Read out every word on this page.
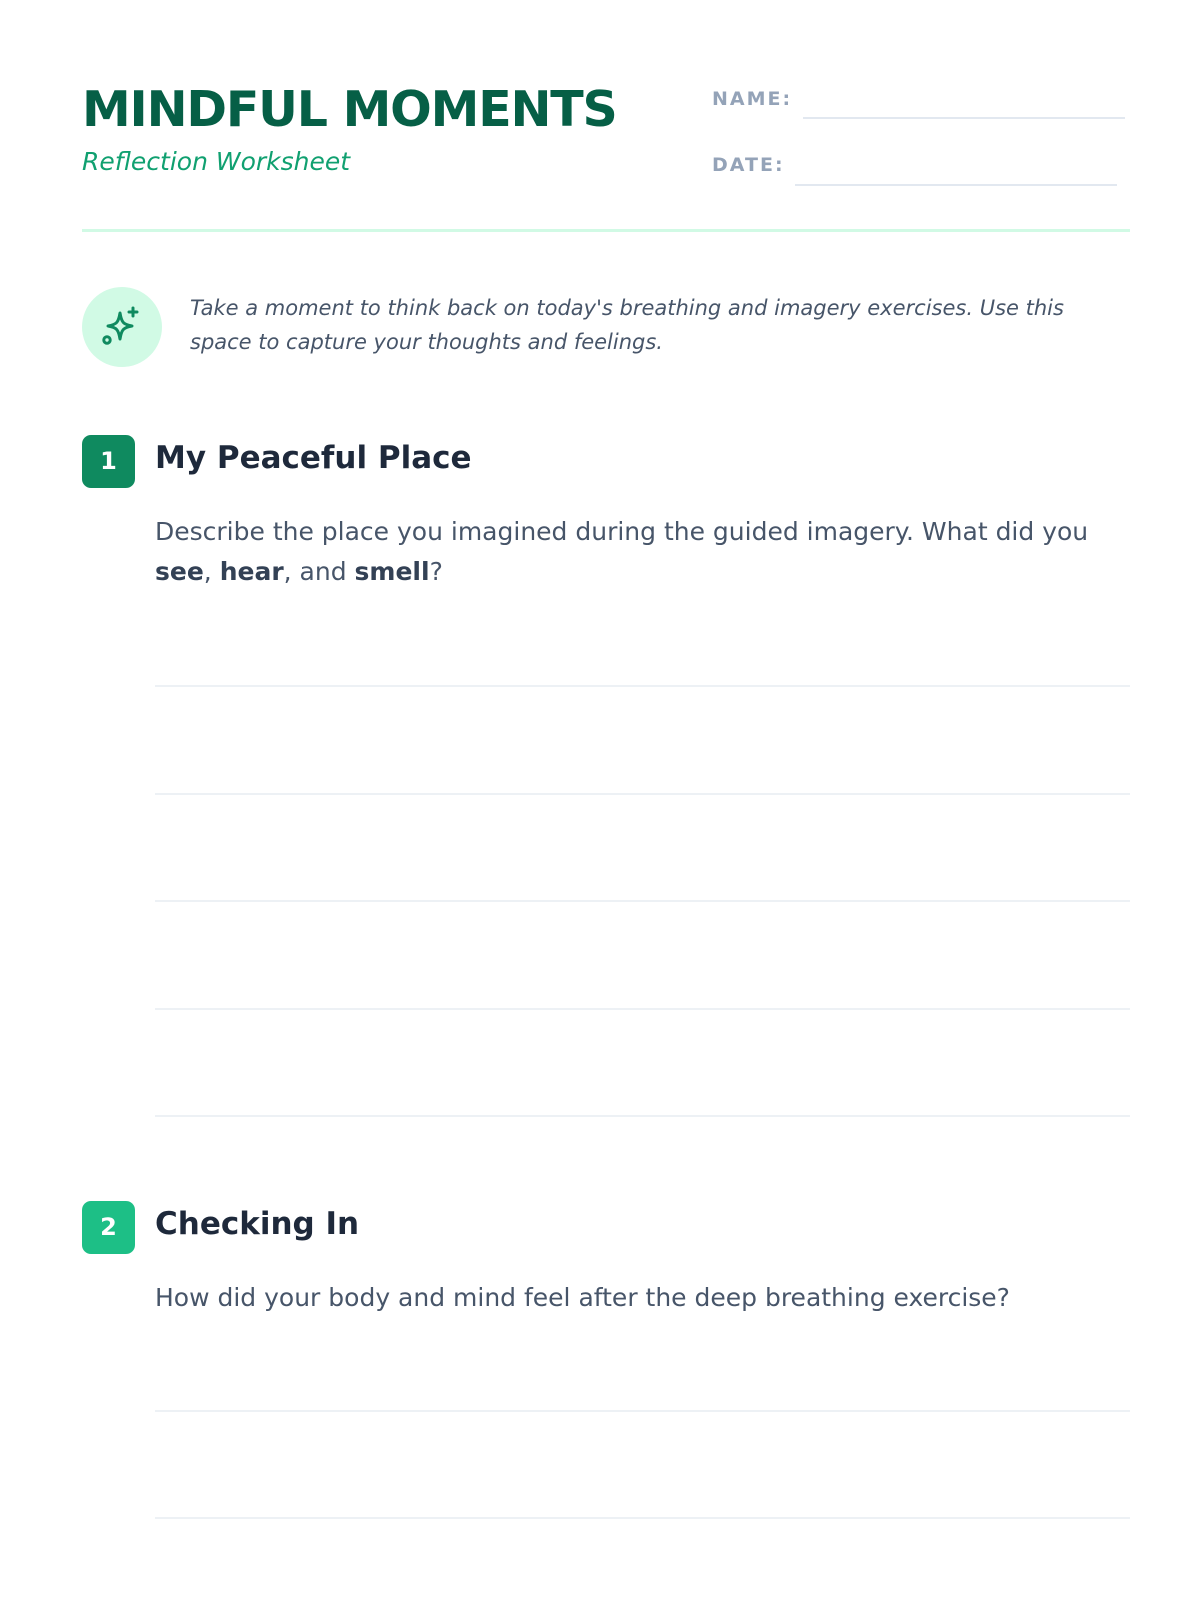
MINDFUL MOMENTS
Reflection Worksheet
NAME:
DATE:

Take a moment to think back on today's breathing and imagery exercises. Use this space to capture your thoughts and feelings.

1	My Peaceful Place

Describe the place you imagined during the guided imagery. What did you see, hear, and smell?

2	Checking In

How did your body and mind feel after the deep breathing exercise?
